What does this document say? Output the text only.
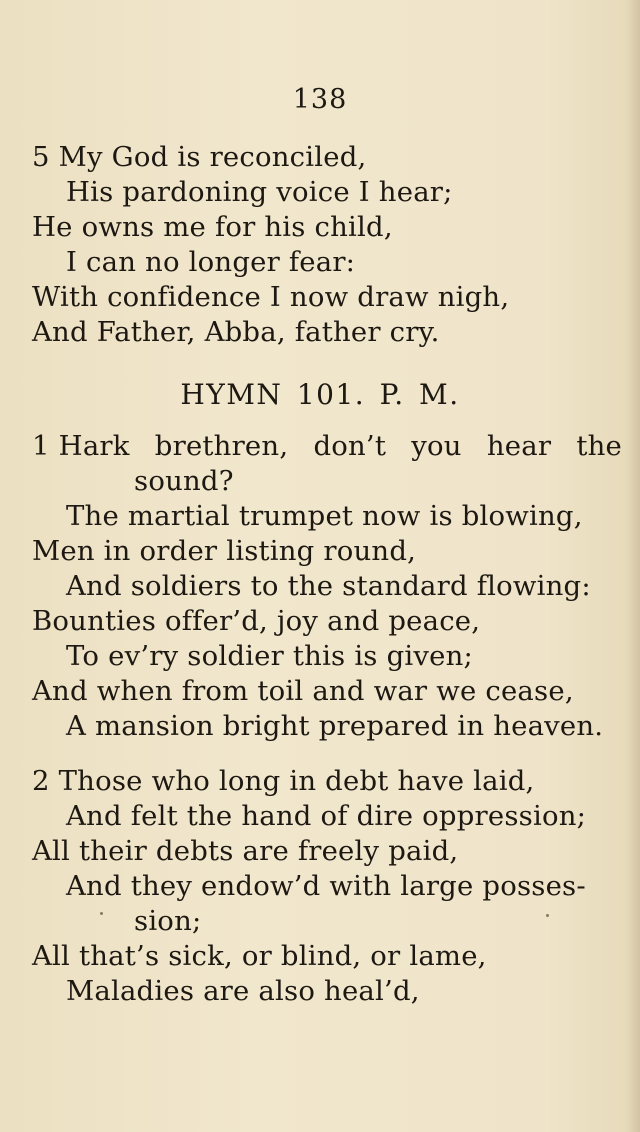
138
5 My God is reconciled,
His pardoning voice I hear;
He owns me for his child,
I can no longer fear:
With confidence I now draw nigh,
And Father, Abba, father cry.
HYMN 101. P. M.
1 Hark brethren, don’t you hear the
sound?
The martial trumpet now is blowing,
Men in order listing round,
And soldiers to the standard flowing:
Bounties offer’d, joy and peace,
To ev’ry soldier this is given;
And when from toil and war we cease,
A mansion bright prepared in heaven.
2 Those who long in debt have laid,
And felt the hand of dire oppression;
All their debts are freely paid,
And they endow’d with large posses-
sion;
All that’s sick, or blind, or lame,
Maladies are also heal’d,
